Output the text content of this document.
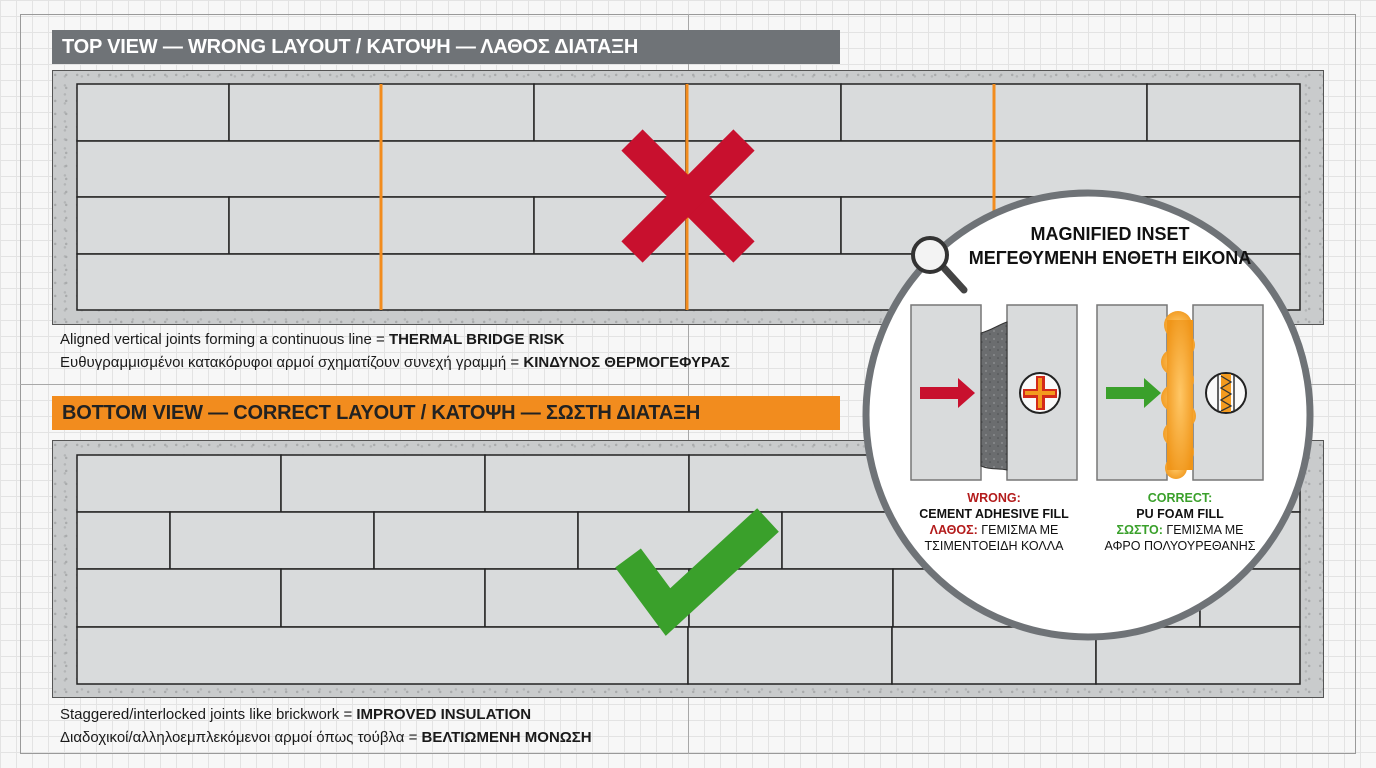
TOP VIEW — WRONG LAYOUT / ΚΑΤΟΨΗ — ΛΑΘΟΣ ΔΙΑΤΑΞΗ
BOTTOM VIEW — CORRECT LAYOUT / ΚΑΤΟΨΗ — ΣΩΣΤΗ ΔΙΑΤΑΞΗ
Aligned vertical joints forming a continuous line = THERMAL BRIDGE RISK
Ευθυγραμμισμένοι κατακόρυφοι αρμοί σχηματίζουν συνεχή γραμμή = ΚΙΝΔΥΝΟΣ ΘΕΡΜΟΓΕΦΥΡΑΣ
Staggered/interlocked joints like brickwork = IMPROVED INSULATION
Διαδοχικοί/αλληλοεμπλεκόμενοι αρμοί όπως τούβλα = ΒΕΛΤΙΩΜΕΝΗ ΜΟΝΩΣΗ
MAGNIFIED INSET
ΜΕΓΕΘΥΜΕΝΗ ΕΝΘΕΤΗ ΕΙΚΟΝΑ
WRONG:
CEMENT ADHESIVE FILL
ΛΑΘΟΣ: ΓΕΜΙΣΜΑ ΜΕ
ΤΣΙΜΕΝΤΟΕΙΔΗ ΚΟΛΛΑ
CORRECT:
PU FOAM FILL
ΣΩΣΤΟ: ΓΕΜΙΣΜΑ ΜΕ
ΑΦΡΟ ΠΟΛΥΟΥΡΕΘΑΝΗΣ
